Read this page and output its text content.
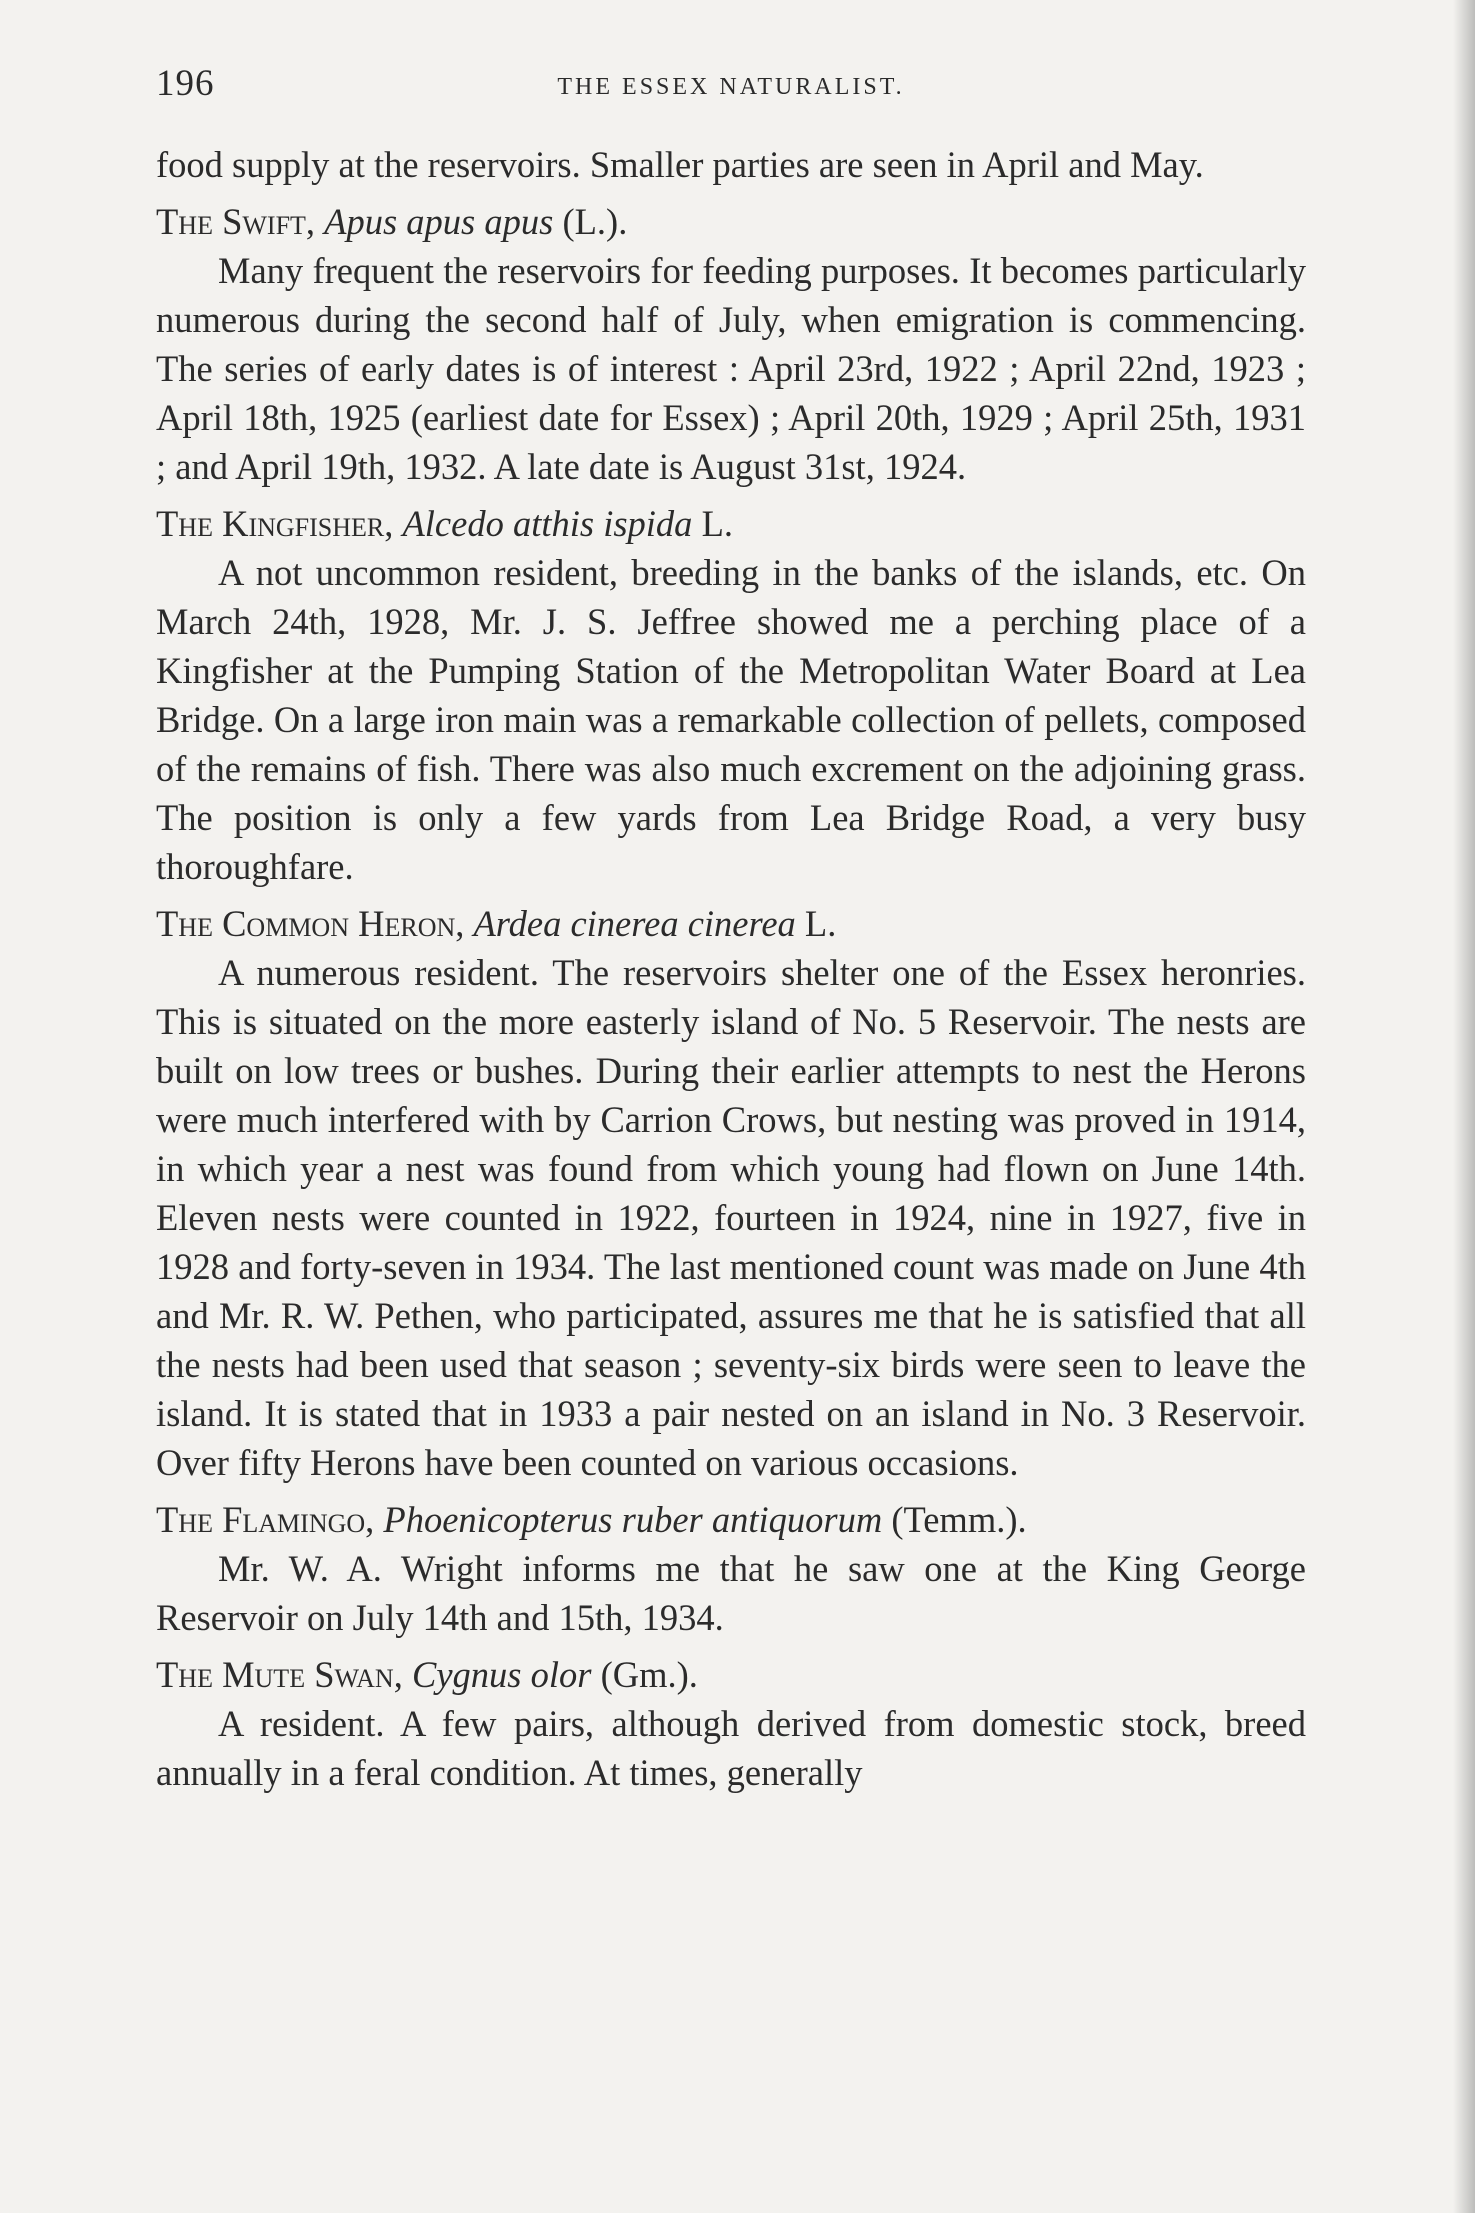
196	THE ESSEX NATURALIST.

food supply at the reservoirs. Smaller parties are seen in April and May.

The Swift, Apus apus apus (L.).

Many frequent the reservoirs for feeding purposes. It becomes particularly numerous during the second half of July, when emigration is commencing. The series of early dates is of interest : April 23rd, 1922 ; April 22nd, 1923 ; April 18th, 1925 (earliest date for Essex) ; April 20th, 1929 ; April 25th, 1931 ; and April 19th, 1932. A late date is August 31st, 1924.

The Kingfisher, Alcedo atthis ispida L.

A not uncommon resident, breeding in the banks of the islands, etc. On March 24th, 1928, Mr. J. S. Jeffree showed me a perching place of a Kingfisher at the Pumping Station of the Metropolitan Water Board at Lea Bridge. On a large iron main was a remarkable collection of pellets, composed of the remains of fish. There was also much excrement on the adjoining grass. The position is only a few yards from Lea Bridge Road, a very busy thoroughfare.

The Common Heron, Ardea cinerea cinerea L.

A numerous resident. The reservoirs shelter one of the Essex heronries. This is situated on the more easterly island of No. 5 Reservoir. The nests are built on low trees or bushes. During their earlier attempts to nest the Herons were much interfered with by Carrion Crows, but nesting was proved in 1914, in which year a nest was found from which young had flown on June 14th. Eleven nests were counted in 1922, fourteen in 1924, nine in 1927, five in 1928 and forty-seven in 1934. The last mentioned count was made on June 4th and Mr. R. W. Pethen, who participated, assures me that he is satisfied that all the nests had been used that season ; seventy-six birds were seen to leave the island. It is stated that in 1933 a pair nested on an island in No. 3 Reservoir. Over fifty Herons have been counted on various occasions.

The Flamingo, Phoenicopterus ruber antiquorum (Temm.).

Mr. W. A. Wright informs me that he saw one at the King George Reservoir on July 14th and 15th, 1934.

The Mute Swan, Cygnus olor (Gm.).

A resident. A few pairs, although derived from domestic stock, breed annually in a feral condition. At times, generally
